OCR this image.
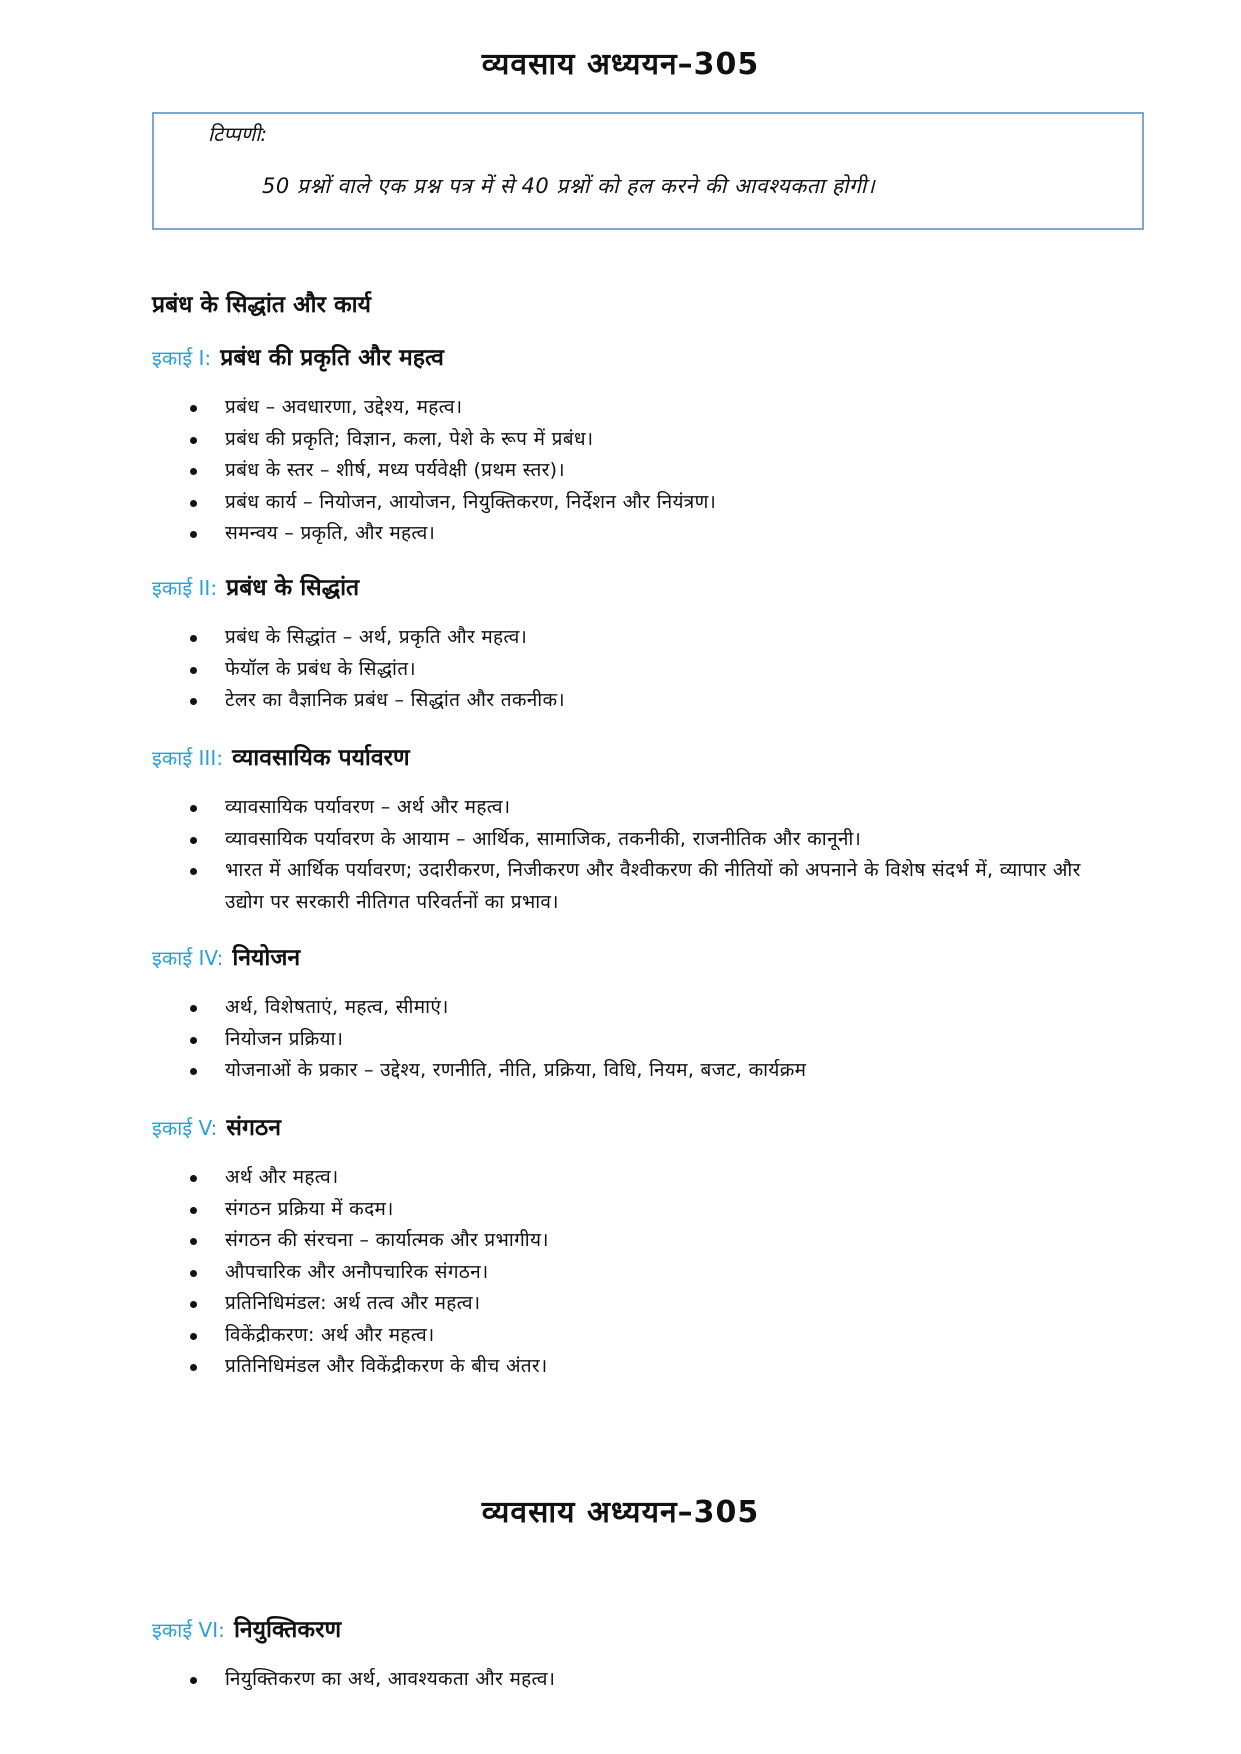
व्यवसाय अध्ययन–305
टिप्पणी:
50 प्रश्नों वाले एक प्रश्न पत्र में से 40 प्रश्नों को हल करने की आवश्यकता होगी।
प्रबंध के सिद्धांत और कार्य
इकाई I: प्रबंध की प्रकृति और महत्व
प्रबंध – अवधारणा, उद्देश्य, महत्व।
प्रबंध की प्रकृति; विज्ञान, कला, पेशे के रूप में प्रबंध।
प्रबंध के स्तर – शीर्ष, मध्य पर्यवेक्षी (प्रथम स्तर)।
प्रबंध कार्य – नियोजन, आयोजन, नियुक्तिकरण, निर्देशन और नियंत्रण।
समन्वय – प्रकृति, और महत्व।
इकाई II: प्रबंध के सिद्धांत
प्रबंध के सिद्धांत – अर्थ, प्रकृति और महत्व।
फेयॉल के प्रबंध के सिद्धांत।
टेलर का वैज्ञानिक प्रबंध – सिद्धांत और तकनीक।
इकाई III: व्यावसायिक पर्यावरण
व्यावसायिक पर्यावरण – अर्थ और महत्व।
व्यावसायिक पर्यावरण के आयाम – आर्थिक, सामाजिक, तकनीकी, राजनीतिक और कानूनी।
भारत में आर्थिक पर्यावरण; उदारीकरण, निजीकरण और वैश्वीकरण की नीतियों को अपनाने के विशेष संदर्भ में, व्यापार और उद्योग पर सरकारी नीतिगत परिवर्तनों का प्रभाव।
इकाई IV: नियोजन
अर्थ, विशेषताएं, महत्व, सीमाएं।
नियोजन प्रक्रिया।
योजनाओं के प्रकार – उद्देश्य, रणनीति, नीति, प्रक्रिया, विधि, नियम, बजट, कार्यक्रम
इकाई V: संगठन
अर्थ और महत्व।
संगठन प्रक्रिया में कदम।
संगठन की संरचना – कार्यात्मक और प्रभागीय।
औपचारिक और अनौपचारिक संगठन।
प्रतिनिधिमंडल: अर्थ तत्व और महत्व।
विकेंद्रीकरण: अर्थ और महत्व।
प्रतिनिधिमंडल और विकेंद्रीकरण के बीच अंतर।
व्यवसाय अध्ययन–305
इकाई VI: नियुक्तिकरण
नियुक्तिकरण का अर्थ, आवश्यकता और महत्व।
